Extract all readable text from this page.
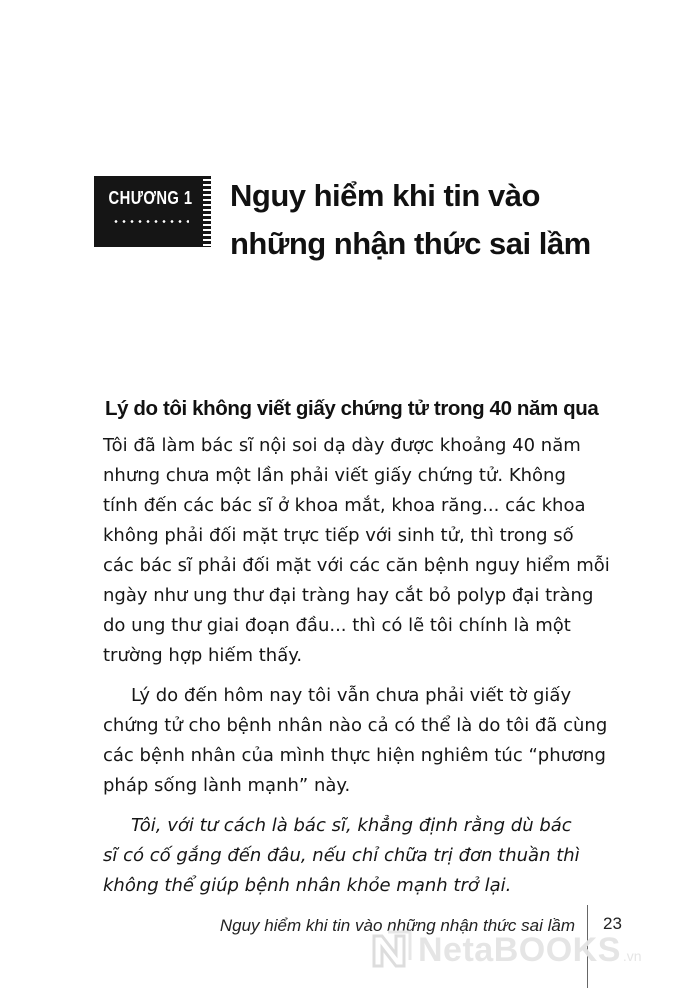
CHƯƠNG 1 Nguy hiểm khi tin vào
những nhận thức sai lầm
Lý do tôi không viết giấy chứng tử trong 40 năm qua

Tôi đã làm bác sĩ nội soi dạ dày được khoảng 40 năm
nhưng chưa một lần phải viết giấy chứng tử. Không
tính đến các bác sĩ ở khoa mắt, khoa răng... các khoa
không phải đối mặt trực tiếp với sinh tử, thì trong số
các bác sĩ phải đối mặt với các căn bệnh nguy hiểm mỗi
ngày như ung thư đại tràng hay cắt bỏ polyp đại tràng
do ung thư giai đoạn đầu... thì có lẽ tôi chính là một
trường hợp hiếm thấy.

Lý do đến hôm nay tôi vẫn chưa phải viết tờ giấy
chứng tử cho bệnh nhân nào cả có thể là do tôi đã cùng
các bệnh nhân của mình thực hiện nghiêm túc “phương
pháp sống lành mạnh” này.

Tôi, với tư cách là bác sĩ, khẳng định rằng dù bác
sĩ có cố gắng đến đâu, nếu chỉ chữa trị đơn thuần thì
không thể giúp bệnh nhân khỏe mạnh trở lại.

Nguy hiểm khi tin vào những nhận thức sai lầm 23
NetaBOOKS .vn
